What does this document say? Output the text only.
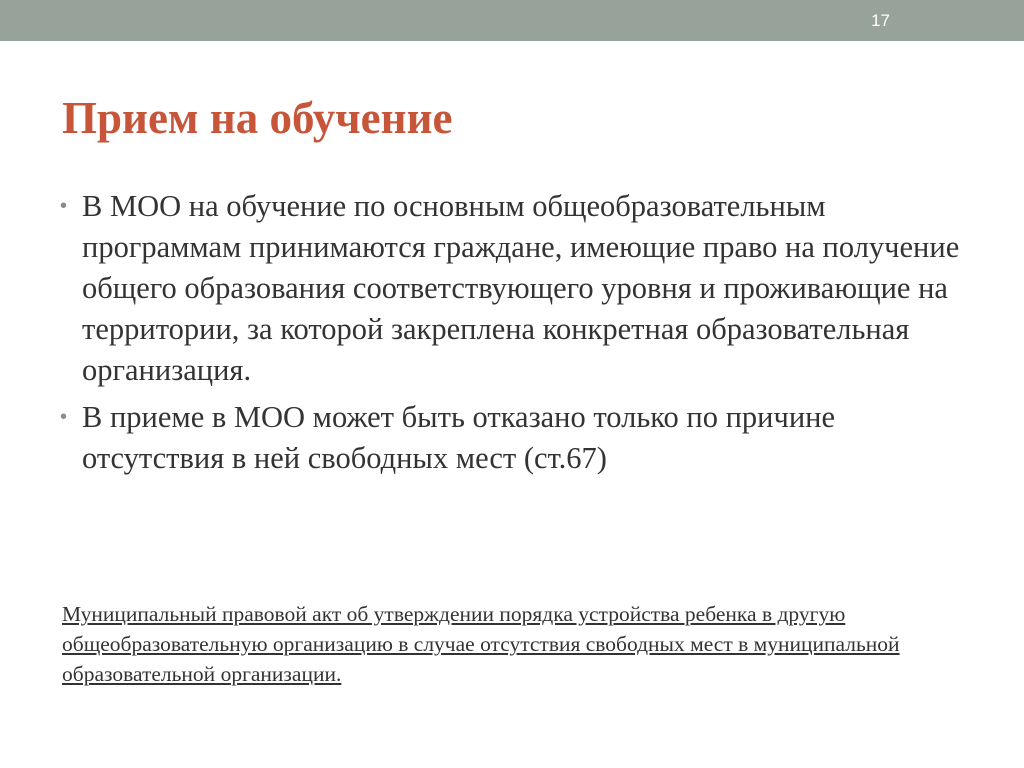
17
Прием на обучение
• В МОО на обучение по основным общеобразовательным программам принимаются граждане, имеющие право на получение общего образования соответствующего уровня и проживающие на территории, за которой закреплена конкретная образовательная организация.
• В приеме в МОО может быть отказано только по причине отсутствия в ней свободных мест (ст.67)
Муниципальный правовой акт об утверждении порядка устройства ребенка в другую общеобразовательную организацию в случае отсутствия свободных мест в муниципальной образовательной организации.
